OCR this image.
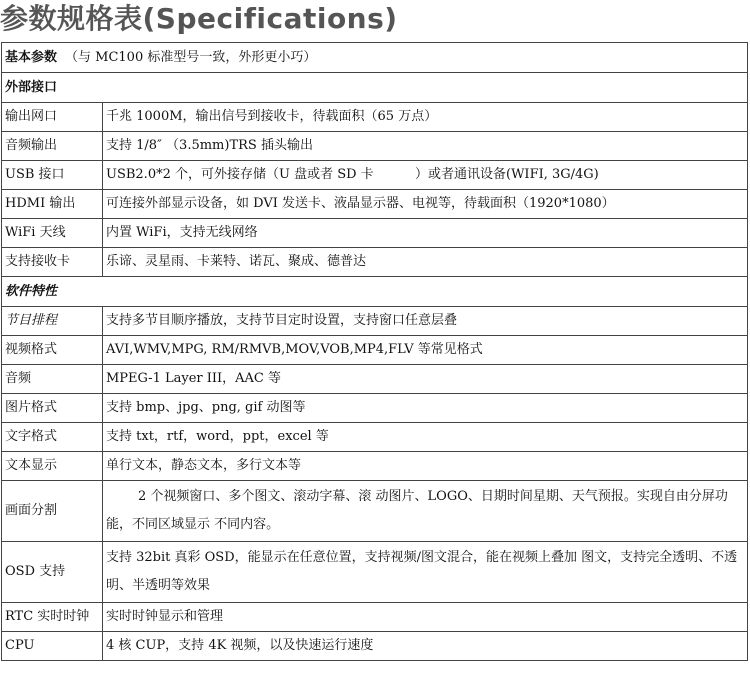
参数规格表(Specifications)
基本参数 （与 MC100 标准型号一致，外形更小巧）	
外部接口	
输出网口	千兆 1000M，输出信号到接收卡，待载面积（65 万点）
音频输出	支持 1/8″ （3.5mm)TRS 插头输出
USB 接口	USB2.0*2 个，可外接存储（U 盘或者 SD 卡          ）或者通讯设备(WIFI, 3G/4G)
HDMI 输出	可连接外部显示设备，如 DVI 发送卡、液晶显示器、电视等，待载面积（1920*1080）
WiFi 天线	内置 WiFi，支持无线网络
支持接收卡	乐谛、灵星雨、卡莱特、诺瓦、聚成、德普达
软件特性	
节目排程	支持多节目顺序播放，支持节目定时设置，支持窗口任意层叠
视频格式	AVI,WMV,MPG, RM/RMVB,MOV,VOB,MP4,FLV 等常见格式
音频	MPEG-1 Layer III，AAC 等
图片格式	支持 bmp、jpg、png, gif 动图等
文字格式	支持 txt，rtf，word，ppt，excel 等
文本显示	单行文本，静态文本，多行文本等
画面分割	2 个视频窗口、多个图文、滚动字幕、滚 动图片、LOGO、日期时间星期、天气预报。实现自由分屏功能，不同区域显示 不同内容。
OSD 支持	支持 32bit 真彩 OSD，能显示在任意位置，支持视频/图文混合，能在视频上叠加 图文，支持完全透明、不透明、半透明等效果
RTC 实时时钟	实时时钟显示和管理
CPU	4 核 CUP，支持 4K 视频，以及快速运行速度
